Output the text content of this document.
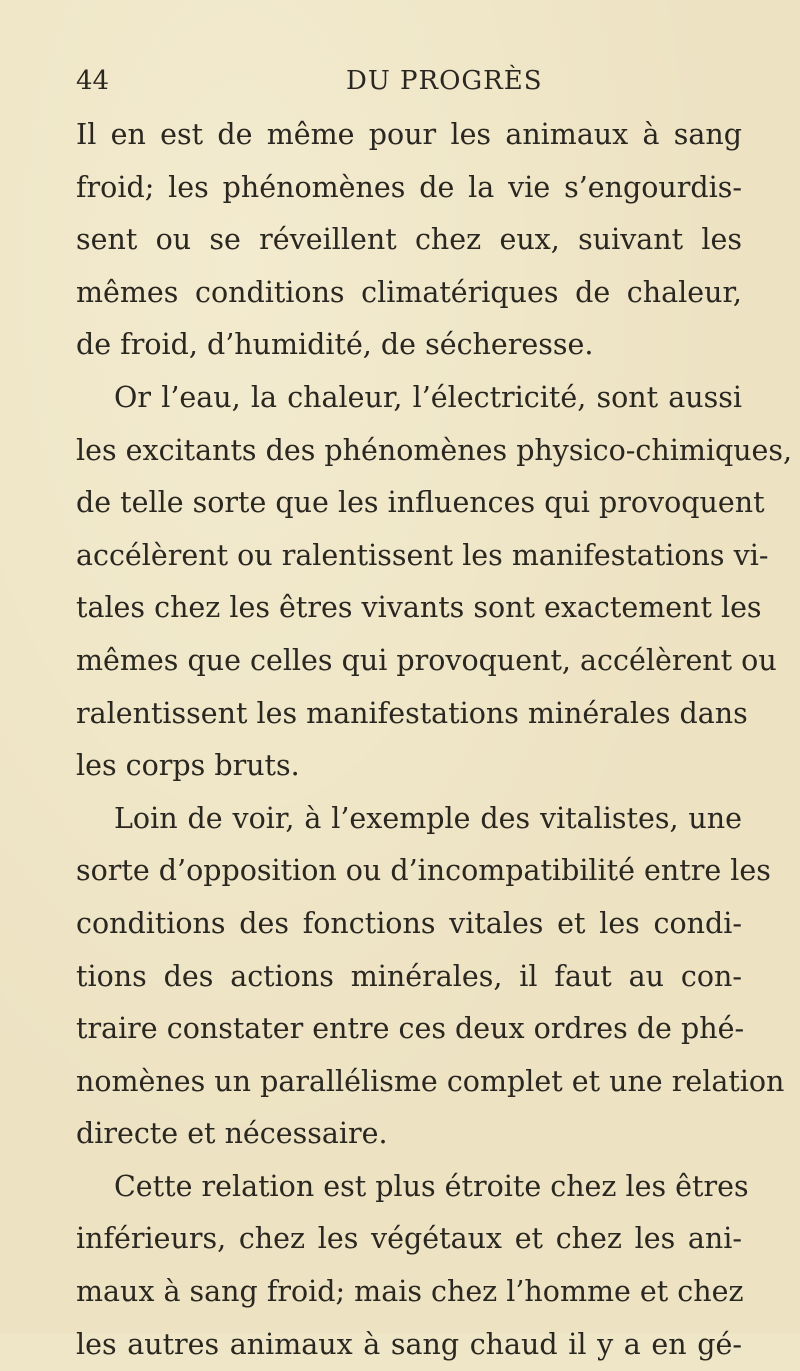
44	DU PROGRÈS
Il en est de même pour les animaux à sang
froid; les phénomènes de la vie s’engourdis-
sent ou se réveillent chez eux, suivant les
mêmes conditions climatériques de chaleur,
de froid, d’humidité, de sécheresse.
Or l’eau, la chaleur, l’électricité, sont aussi
les excitants des phénomènes physico-chimiques,
de telle sorte que les influences qui provoquent
accélèrent ou ralentissent les manifestations vi-
tales chez les êtres vivants sont exactement les
mêmes que celles qui provoquent, accélèrent ou
ralentissent les manifestations minérales dans
les corps bruts.
Loin de voir, à l’exemple des vitalistes, une
sorte d’opposition ou d’incompatibilité entre les
conditions des fonctions vitales et les condi-
tions des actions minérales, il faut au con-
traire constater entre ces deux ordres de phé-
nomènes un parallélisme complet et une relation
directe et nécessaire.
Cette relation est plus étroite chez les êtres
inférieurs, chez les végétaux et chez les ani-
maux à sang froid; mais chez l’homme et chez
les autres animaux à sang chaud il y a en gé-
